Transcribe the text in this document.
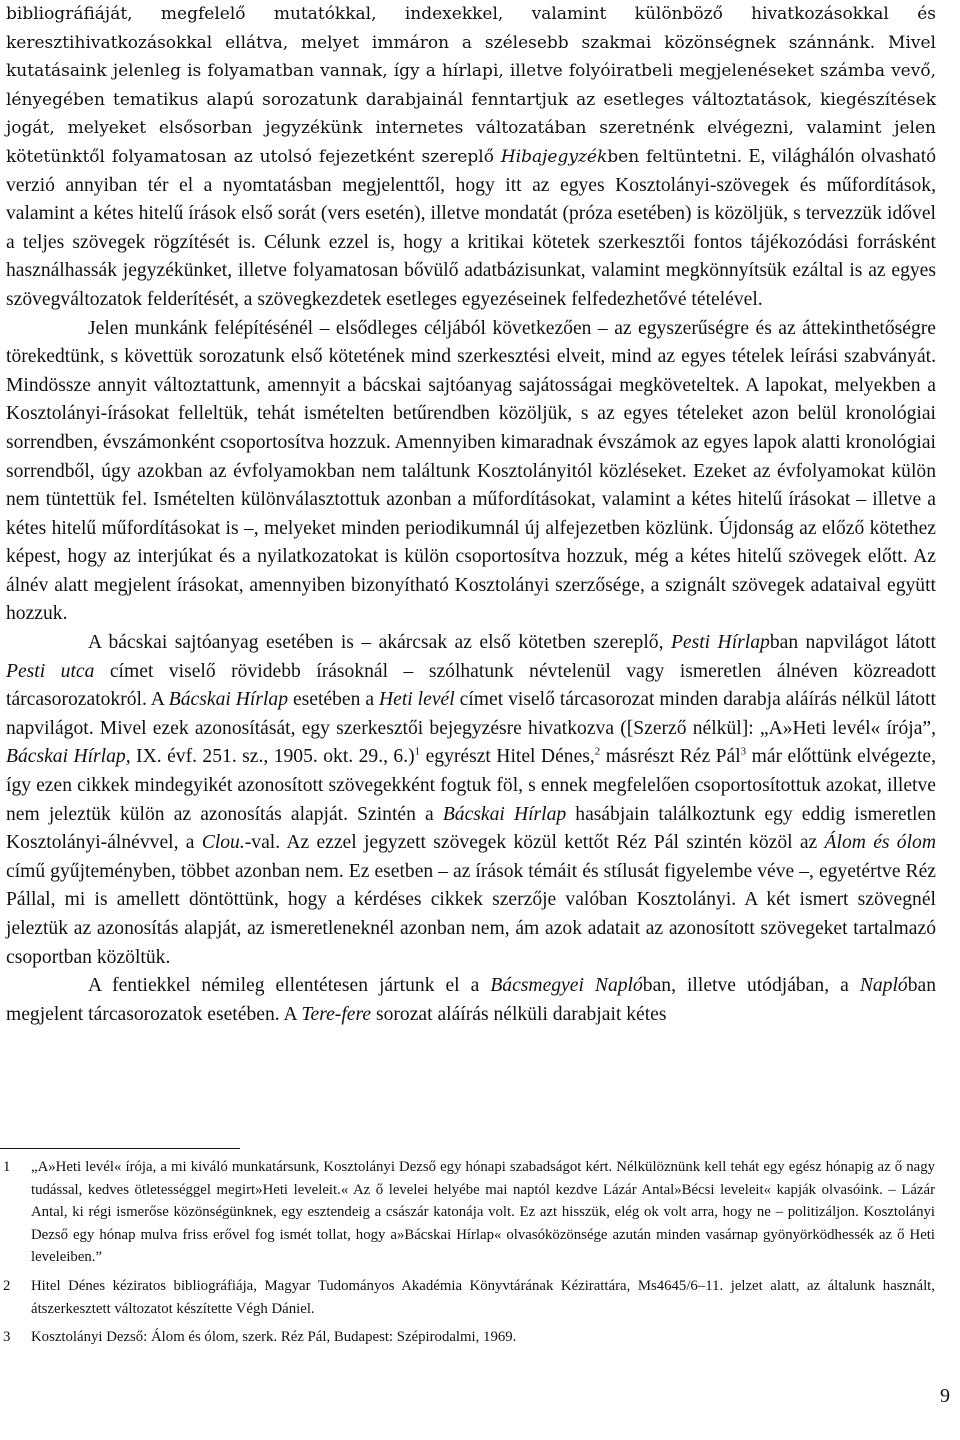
bibliográfiáját, megfelelő mutatókkal, indexekkel, valamint különböző hivatkozásokkal és keresztihivatkozásokkal ellátva, melyet immáron a szélesebb szakmai közönségnek szánnánk. Mivel kutatásaink jelenleg is folyamatban vannak, így a hírlapi, illetve folyóiratbeli megjelenéseket számba vevő, lényegében tematikus alapú sorozatunk darabjainál fenntartjuk az esetleges változtatások, kiegészítések jogát, melyeket elsősorban jegyzékünk internetes változatában szeretnénk elvégezni, valamint jelen kötetünktől folyamatosan az utolsó fejezetként szereplő Hibajegyzékben feltüntetni. E, világhálón olvasható verzió annyiban tér el a nyomtatásban megjelenttől, hogy itt az egyes Kosztolányi-szövegek és műfordítások, valamint a kétes hitelű írások első sorát (vers esetén), illetve mondatát (próza esetében) is közöljük, s tervezzük idővel a teljes szövegek rögzítését is. Célunk ezzel is, hogy a kritikai kötetek szerkesztői fontos tájékozódási forrásként használhassák jegyzékünket, illetve folyamatosan bővülő adatbázisunkat, valamint megkönnyítsük ezáltal is az egyes szövegváltozatok felderítését, a szövegkezdetek esetleges egyezéseinek felfedezhetővé tételével.

Jelen munkánk felépítésénél – elsődleges céljából következően – az egyszerűségre és az áttekinthetőségre törekedtünk, s követtük sorozatunk első kötetének mind szerkesztési elveit, mind az egyes tételek leírási szabványát. Mindössze annyit változtattunk, amennyit a bácskai sajtóanyag sajátosságai megköveteltek. A lapokat, melyekben a Kosztolányi-írásokat felleltük, tehát ismételten betűrendben közöljük, s az egyes tételeket azon belül kronológiai sorrendben, évszámonként csoportosítva hozzuk. Amennyiben kimaradnak évszámok az egyes lapok alatti kronológiai sorrendből, úgy azokban az évfolyamokban nem találtunk Kosztolányitól közléseket. Ezeket az évfolyamokat külön nem tüntettük fel. Ismételten különválasztottuk azonban a műfordításokat, valamint a kétes hitelű írásokat – illetve a kétes hitelű műfordításokat is –, melyeket minden periodikumnál új alfejezetben közlünk. Újdonság az előző kötethez képest, hogy az interjúkat és a nyilatkozatokat is külön csoportosítva hozzuk, még a kétes hitelű szövegek előtt. Az álnév alatt megjelent írásokat, amennyiben bizonyítható Kosztolányi szerzősége, a szignált szövegek adataival együtt hozzuk.

A bácskai sajtóanyag esetében is – akárcsak az első kötetben szereplő, Pesti Hírlapban napvilágot látott Pesti utca címet viselő rövidebb írásoknál – szólhatunk névtelenül vagy ismeretlen álnéven közreadott tárcasorozatokról. A Bácskai Hírlap esetében a Heti levél címet viselő tárcasorozat minden darabja aláírás nélkül látott napvilágot. Mivel ezek azonosítását, egy szerkesztői bejegyzésre hivatkozva ([Szerző nélkül]: „A»Heti levél« írója”, Bácskai Hírlap, IX. évf. 251. sz., 1905. okt. 29., 6.)$^1$ egyrészt Hitel Dénes,$^2$ másrészt Réz Pál$^3$ már előttünk elvégezte, így ezen cikkek mindegyikét azonosított szövegekként fogtuk föl, s ennek megfelelően csoportosítottuk azokat, illetve nem jeleztük külön az azonosítás alapját. Szintén a Bácskai Hírlap hasábjain találkoztunk egy eddig ismeretlen Kosztolányi-álnévvel, a Clou.-val. Az ezzel jegyzett szövegek közül kettőt Réz Pál szintén közöl az Álom és ólom című gyűjteményben, többet azonban nem. Ez esetben – az írások témáit és stílusát figyelembe véve –, egyetértve Réz Pállal, mi is amellett döntöttünk, hogy a kérdéses cikkek szerzője valóban Kosztolányi. A két ismert szövegnél jeleztük az azonosítás alapját, az ismeretleneknél azonban nem, ám azok adatait az azonosított szövegeket tartalmazó csoportban közöltük.

A fentiekkel némileg ellentétesen jártunk el a Bácsmegyei Naplóban, illetve utódjában, a Naplóban megjelent tárcasorozatok esetében. A Tere-fere sorozat aláírás nélküli darabjait kétes

1	„A»Heti levél« írója, a mi kiváló munkatársunk, Kosztolányi Dezső egy hónapi szabadságot kért. Nélkülöznünk kell tehát egy egész hónapig az ő nagy tudással, kedves ötletességgel megirt»Heti leveleit.« Az ő levelei helyébe mai naptól kezdve Lázár Antal»Bécsi leveleit« kapják olvasóink. – Lázár Antal, ki régi ismerőse közönségünknek, egy esztendeig a császár katonája volt. Ez azt hisszük, elég ok volt arra, hogy ne – politizáljon. Kosztolányi Dezső egy hónap mulva friss erővel fog ismét tollat, hogy a»Bácskai Hírlap« olvasóközönsége azután minden vasárnap gyönyörködhessék az ő Heti leveleiben.”
2	Hitel Dénes kéziratos bibliográfiája, Magyar Tudományos Akadémia Könyvtárának Kézirattára, Ms4645/6–11. jelzet alatt, az általunk használt, átszerkesztett változatot készítette Végh Dániel.
3	Kosztolányi Dezső: Álom és ólom, szerk. Réz Pál, Budapest: Szépirodalmi, 1969.
9
